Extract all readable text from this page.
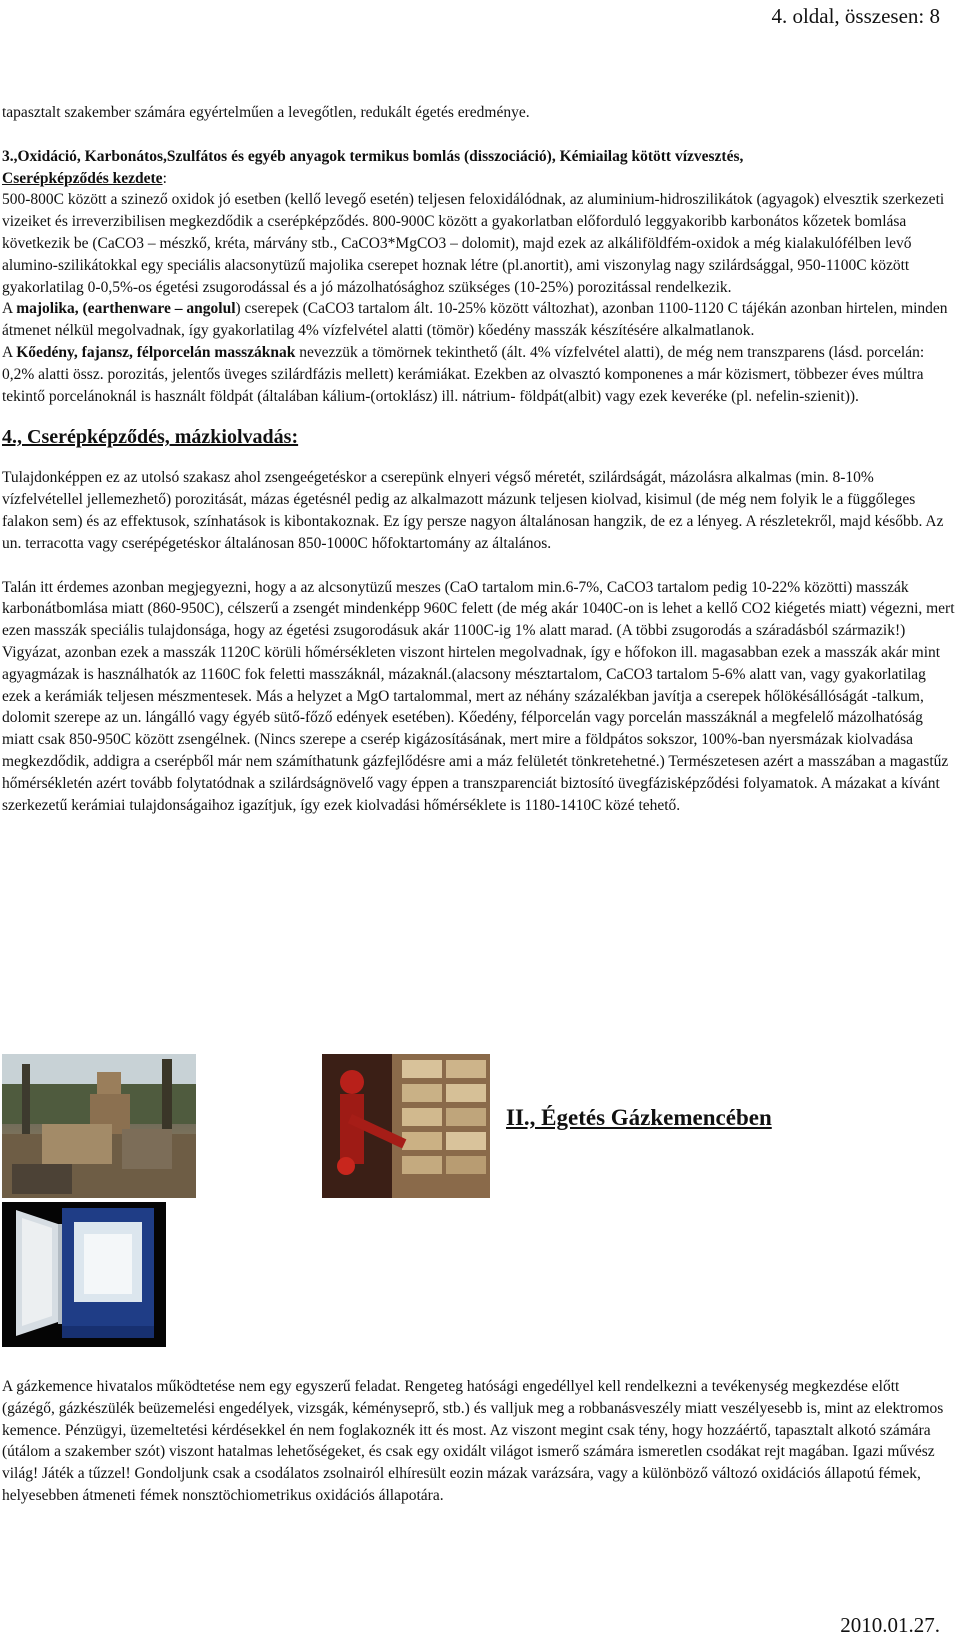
4. oldal, összesen: 8

tapasztalt szakember számára egyértelműen a levegőtlen, redukált égetés eredménye.

3.,Oxidáció, Karbonátos,Szulfátos és egyéb anyagok termikus bomlás (disszociáció), Kémiailag kötött vízvesztés,

Cserépképződés kezdete:

500-800C között a szinező oxidok jó esetben (kellő levegő esetén) teljesen feloxidálódnak, az aluminium-hidroszilikátok (agyagok) elvesztik szerkezeti vizeiket és irreverzibilisen megkezdődik a cserépképződés. 800-900C között a gyakorlatban előforduló leggyakoribb karbonátos kőzetek bomlása következik be (CaCO3 – mészkő, kréta, márvány stb., CaCO3*MgCO3 – dolomit), majd ezek az alkáliföldfém-oxidok a még kialakulófélben levő alumino-szilikátokkal egy speciális alacsonytüzű majolika cserepet hoznak létre (pl.anortit), ami viszonylag nagy szilárdsággal, 950-1100C között gyakorlatilag 0-0,5%-os égetési zsugorodással és a jó mázolhatósághoz szükséges (10-25%) porozitással rendelkezik.

A majolika, (earthenware – angolul) cserepek (CaCO3 tartalom ált. 10-25% között változhat), azonban 1100-1120 C tájékán azonban hirtelen, minden átmenet nélkül megolvadnak, így gyakorlatilag 4% vízfelvétel alatti (tömör) kőedény masszák készítésére alkalmatlanok.

A Kőedény, fajansz, félporcelán masszáknak nevezzük a tömörnek tekinthető (ált. 4% vízfelvétel alatti), de még nem transzparens (lásd. porcelán: 0,2% alatti össz. porozitás, jelentős üveges szilárdfázis mellett) kerámiákat. Ezekben az olvasztó komponenes a már közismert, többezer éves múltra tekintő porcelánoknál is használt földpát (általában kálium-(ortoklász) ill. nátrium- földpát(albit) vagy ezek keveréke (pl. nefelin-szienit)).

4., Cserépképződés, mázkiolvadás:

Tulajdonképpen ez az utolsó szakasz ahol zsengeégetéskor a cserepünk elnyeri végső méretét, szilárdságát, mázolásra alkalmas (min. 8-10% vízfelvétellel jellemezhető) porozitását, mázas égetésnél pedig az alkalmazott mázunk teljesen kiolvad, kisimul (de még nem folyik le a függőleges falakon sem) és az effektusok, színhatások is kibontakoznak. Ez így persze nagyon általánosan hangzik, de ez a lényeg. A részletekről, majd később. Az un. terracotta vagy cserépégetéskor általánosan 850-1000C hőfoktartomány az általános.

Talán itt érdemes azonban megjegyezni, hogy a az alcsonytüzű meszes (CaO tartalom min.6-7%, CaCO3 tartalom pedig 10-22% közötti) masszák karbonátbomlása miatt (860-950C), célszerű a zsengét mindenképp 960C felett (de még akár 1040C-on is lehet a kellő CO2 kiégetés miatt) végezni, mert ezen masszák speciális tulajdonsága, hogy az égetési zsugorodásuk akár 1100C-ig 1% alatt marad. (A többi zsugorodás a száradásból származik!) Vigyázat, azonban ezek a masszák 1120C körüli hőmérsékleten viszont hirtelen megolvadnak, így e hőfokon ill. magasabban ezek a masszák akár mint agyagmázak is használhatók az 1160C fok feletti masszáknál, mázaknál.(alacsony mésztartalom, CaCO3 tartalom 5-6% alatt van, vagy gyakorlatilag ezek a kerámiák teljesen mészmentesek. Más a helyzet a MgO tartalommal, mert az néhány százalékban javítja a cserepek hőlökésállóságát -talkum, dolomit szerepe az un. lángálló vagy égyéb sütő-főző edények esetében). Kőedény, félporcelán vagy porcelán masszáknál a megfelelő mázolhatóság miatt csak 850-950C között zsengélnek. (Nincs szerepe a cserép kigázosításának, mert mire a földpátos sokszor, 100%-ban nyersmázak kiolvadása megkezdődik, addigra a cserépből már nem számíthatunk gázfejlődésre ami a máz felületét tönkretehetné.) Természetesen azért a masszában a magastűz hőmérsékletén azért tovább folytatódnak a szilárdságnövelő vagy éppen a transzparenciát biztosító üvegfázisképződési folyamatok. A mázakat a kívánt szerkezetű kerámiai tulajdonságaihoz igazítjuk, így ezek kiolvadási hőmérséklete is 1180-1410C közé tehető.

II., Égetés Gázkemencében

A gázkemence hivatalos működtetése nem egy egyszerű feladat. Rengeteg hatósági engedéllyel kell rendelkezni a tevékenység megkezdése előtt (gázégő, gázkészülék beüzemelési engedélyek, vizsgák, kéményseprő, stb.) és valljuk meg a robbanásveszély miatt veszélyesebb is, mint az elektromos kemence. Pénzügyi, üzemeltetési kérdésekkel én nem foglakoznék itt és most. Az viszont megint csak tény, hogy hozzáértő, tapasztalt alkotó számára (útálom a szakember szót) viszont hatalmas lehetőségeket, és csak egy oxidált világot ismerő számára ismeretlen csodákat rejt magában. Igazi művész világ! Játék a tűzzel! Gondoljunk csak a csodálatos zsolnairól elhíresült eozin mázak varázsára, vagy a különböző változó oxidációs állapotú fémek, helyesebben átmeneti fémek nonsztöchiometrikus oxidációs állapotára.

2010.01.27.
